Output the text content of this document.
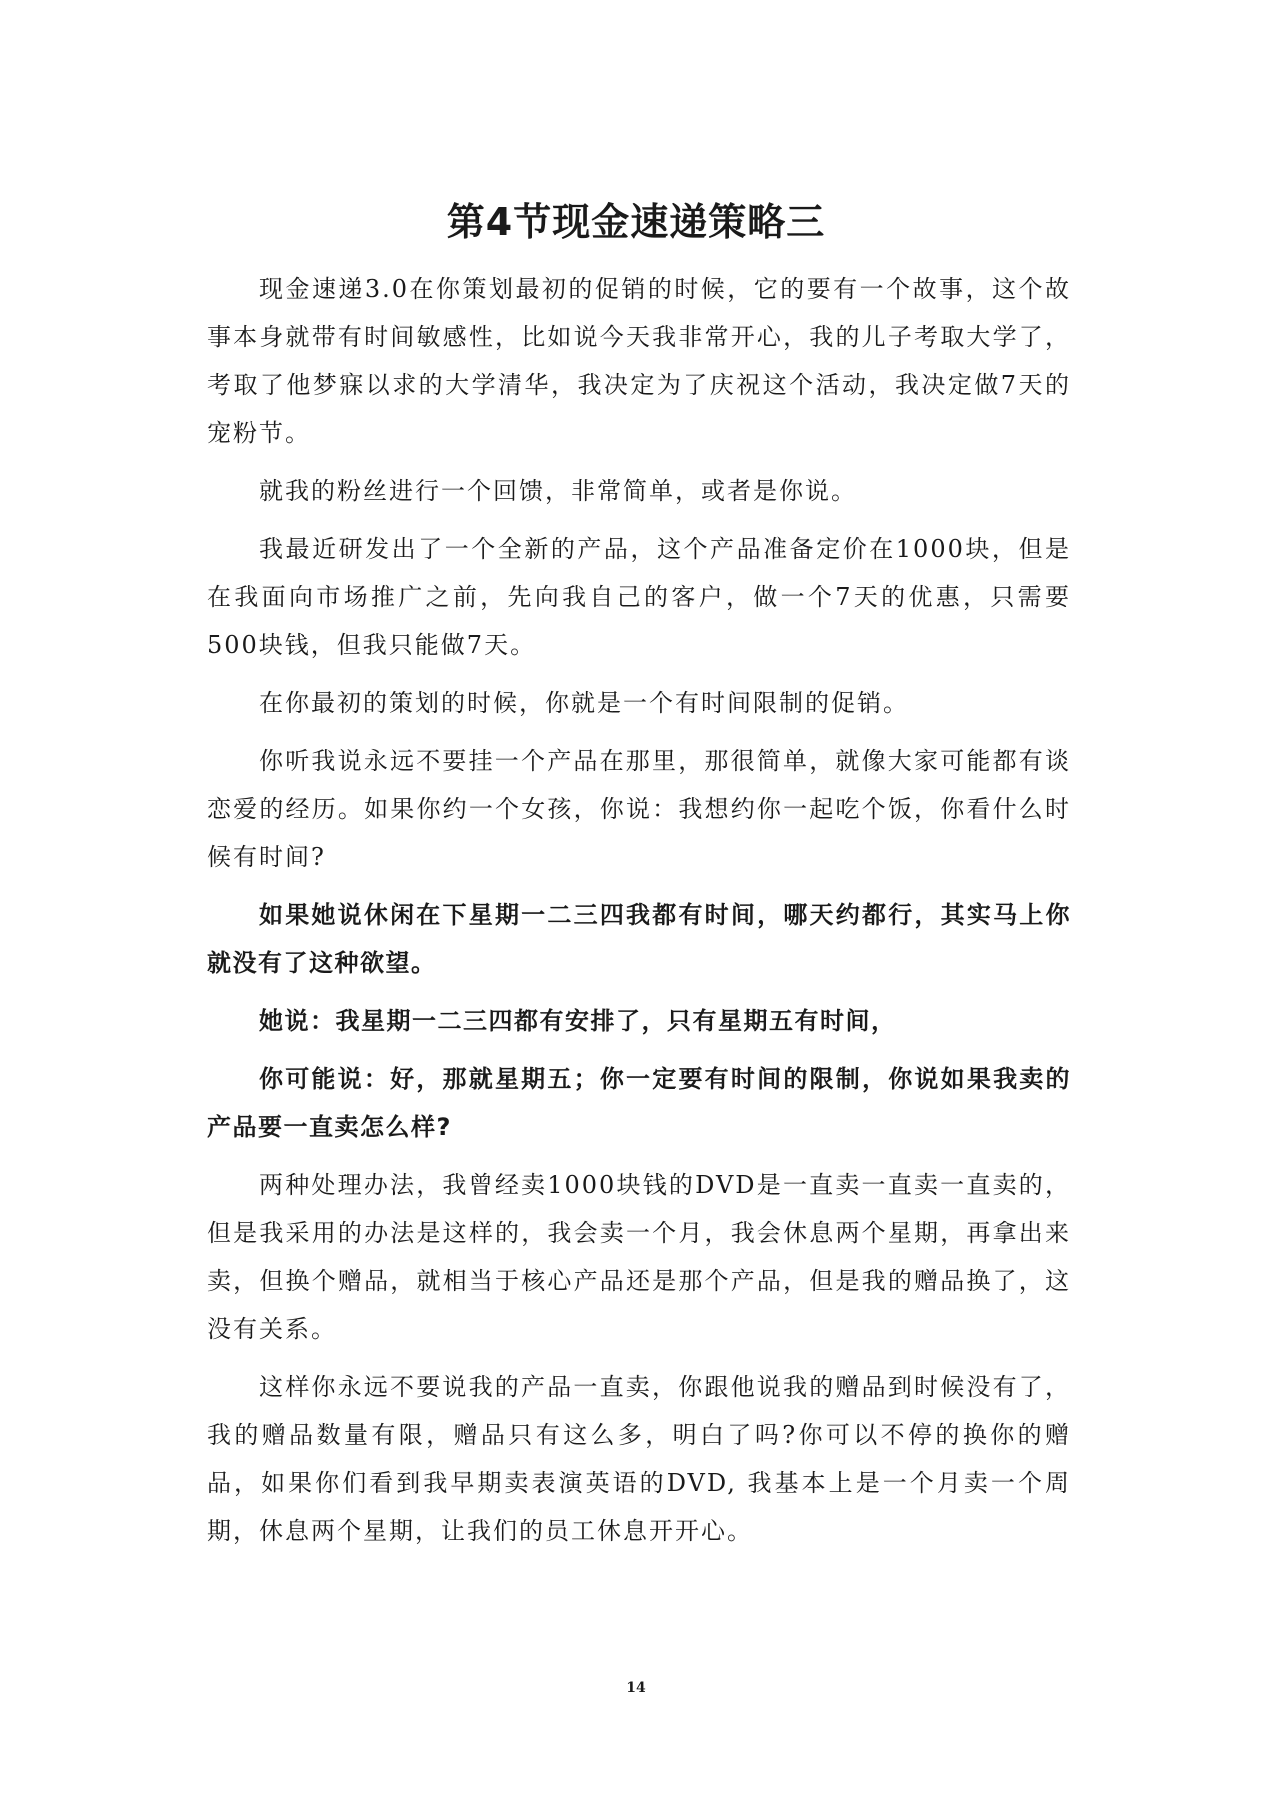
第4节现金速递策略三

现金速递3.0在你策划最初的促销的时候，它的要有一个故事，这个故事本身就带有时间敏感性，比如说今天我非常开心，我的儿子考取大学了，考取了他梦寐以求的大学清华，我决定为了庆祝这个活动，我决定做7天的宠粉节。

就我的粉丝进行一个回馈，非常简单，或者是你说。

我最近研发出了一个全新的产品，这个产品准备定价在1000块，但是在我面向市场推广之前，先向我自己的客户，做一个7天的优惠，只需要500块钱，但我只能做7天。

在你最初的策划的时候，你就是一个有时间限制的促销。

你听我说永远不要挂一个产品在那里，那很简单，就像大家可能都有谈恋爱的经历。如果你约一个女孩，你说：我想约你一起吃个饭，你看什么时候有时间?

如果她说休闲在下星期一二三四我都有时间，哪天约都行，其实马上你就没有了这种欲望。

她说：我星期一二三四都有安排了，只有星期五有时间，

你可能说：好，那就星期五；你一定要有时间的限制，你说如果我卖的产品要一直卖怎么样?

两种处理办法，我曾经卖1000块钱的DVD是一直卖一直卖一直卖的，但是我采用的办法是这样的，我会卖一个月，我会休息两个星期，再拿出来卖，但换个赠品，就相当于核心产品还是那个产品，但是我的赠品换了，这没有关系。

这样你永远不要说我的产品一直卖，你跟他说我的赠品到时候没有了，我的赠品数量有限，赠品只有这么多，明白了吗?你可以不停的换你的赠品，如果你们看到我早期卖表演英语的DVD, 我基本上是一个月卖一个周期，休息两个星期，让我们的员工休息开开心。

14
